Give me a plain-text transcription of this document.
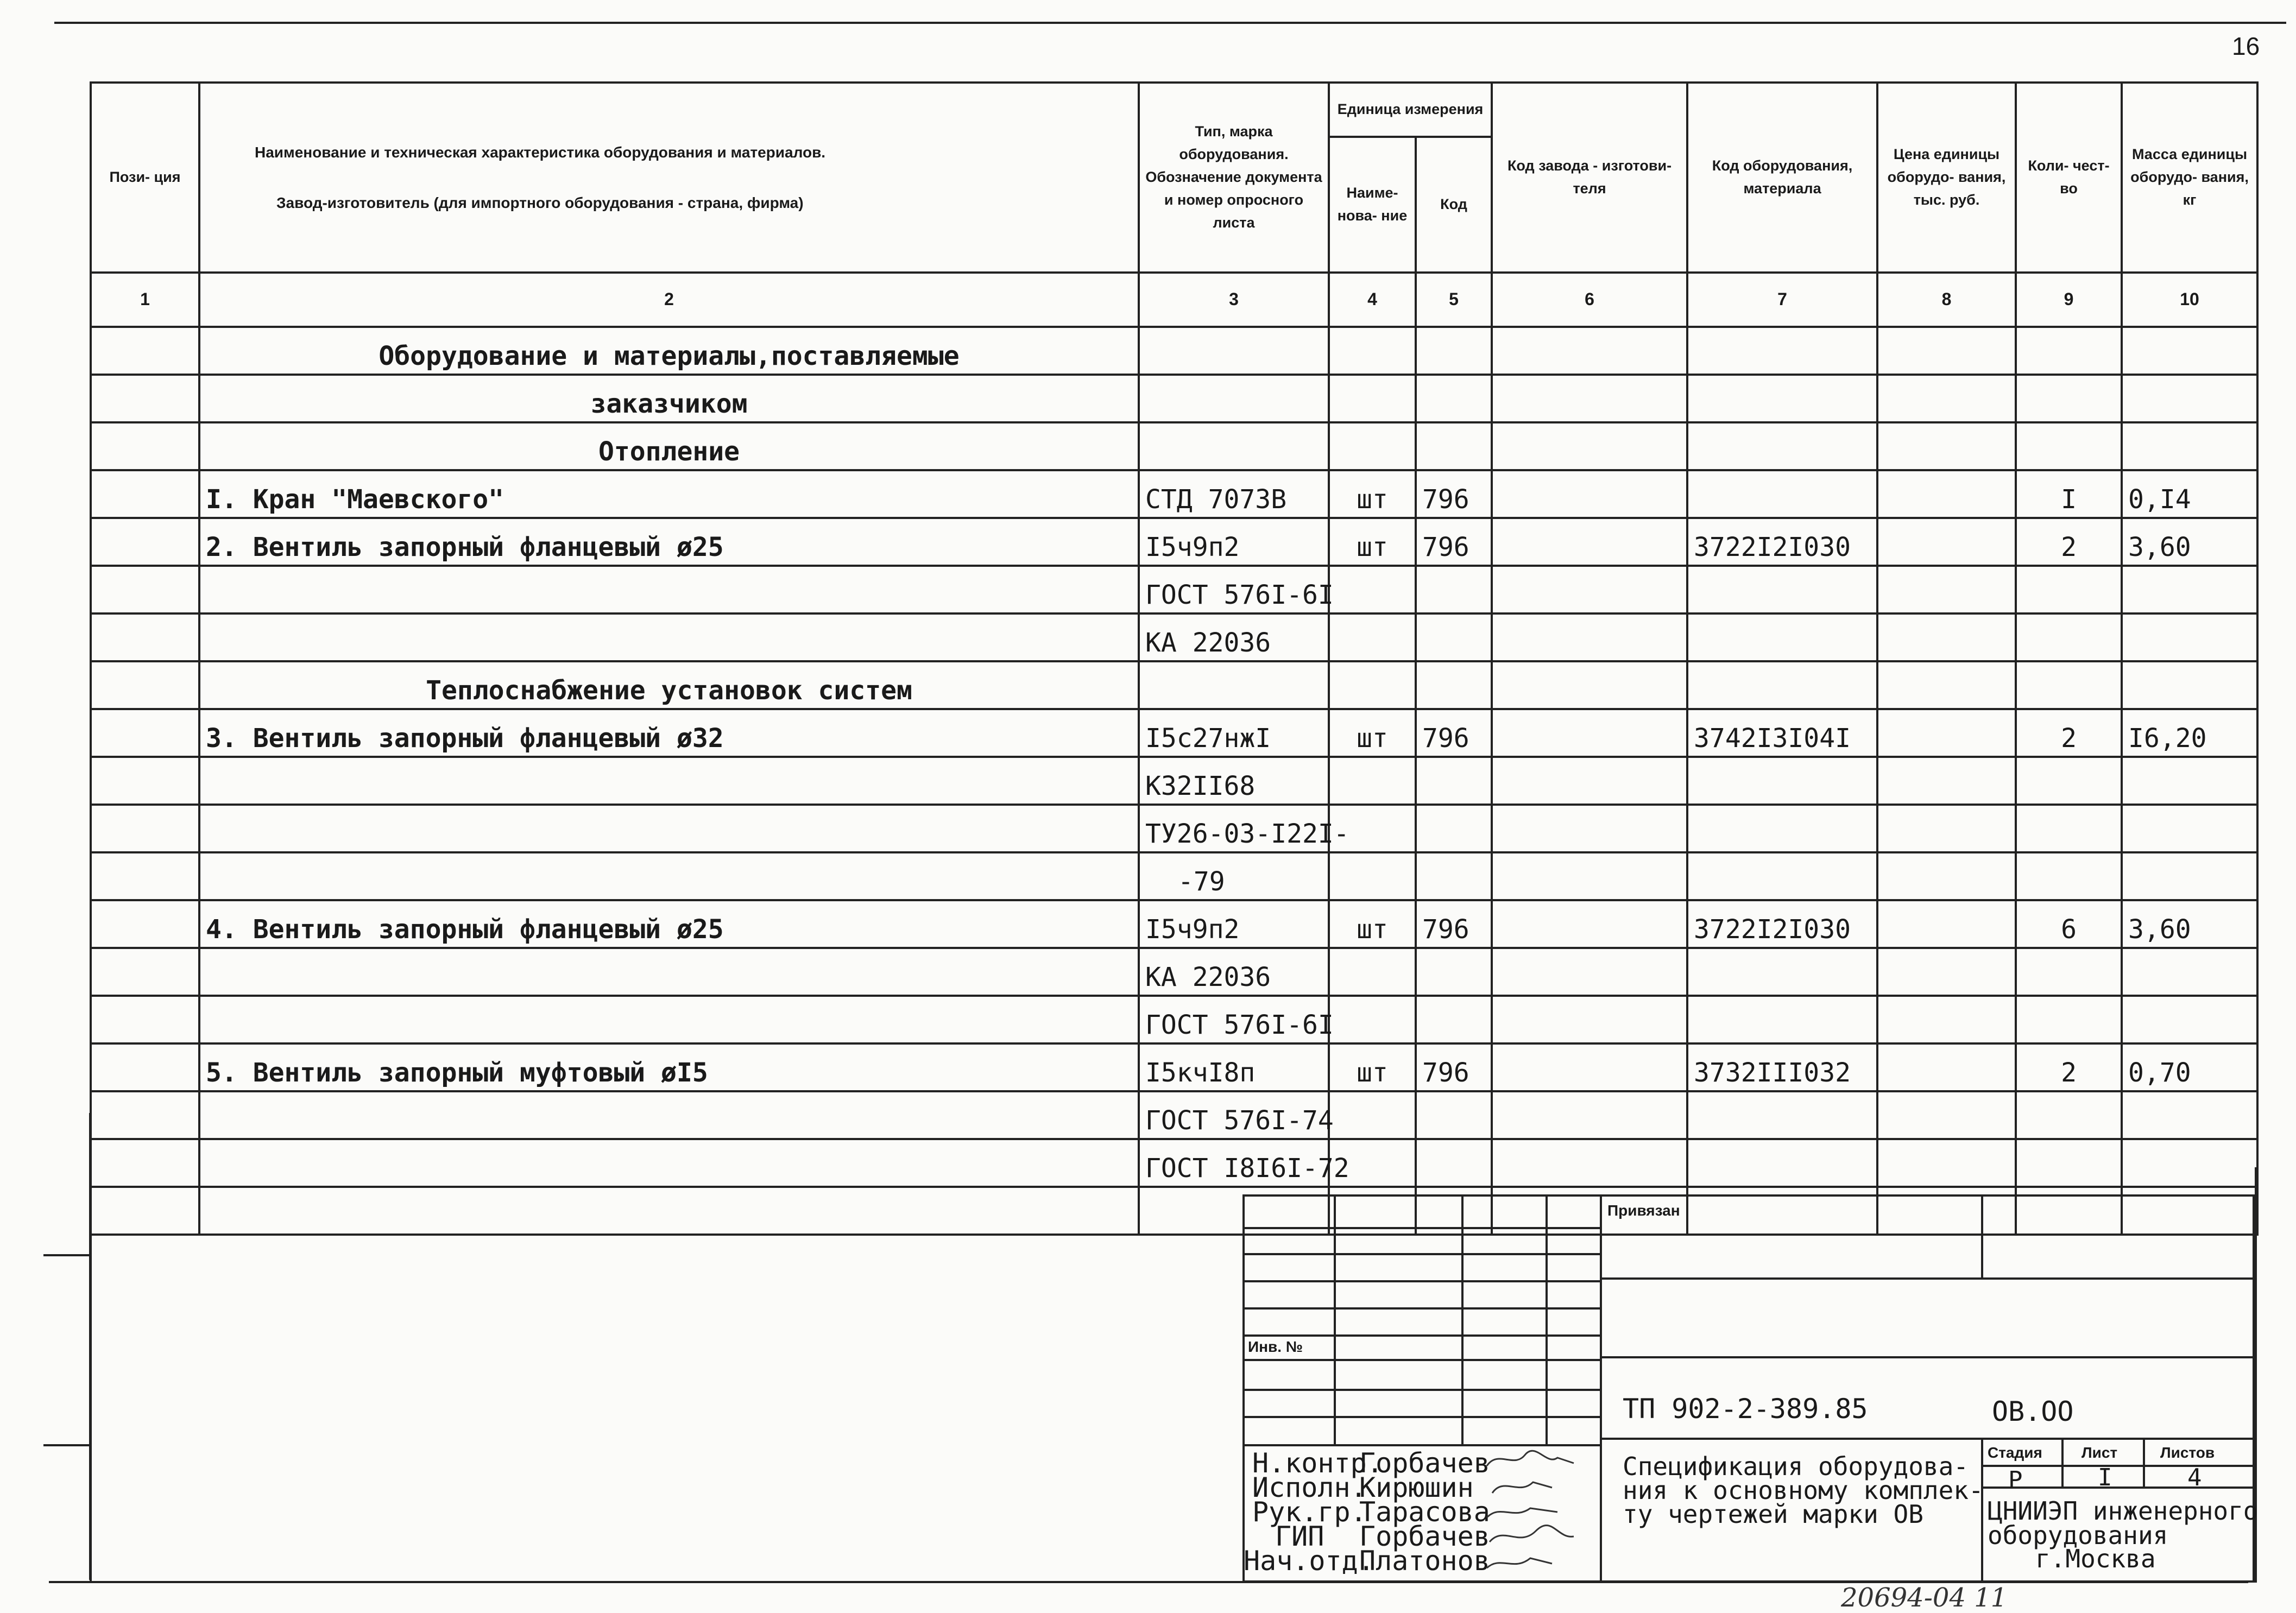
16
Пози- ция	Наименование и техническая характеристика оборудования и материалов.
Завод-изготовитель (для импортного оборудования - страна, фирма)	Тип, марка оборудования. Обозначение документа и номер опросного листа	Единица измерения		Код завода - изготови- теля	Код оборудования, материала	Цена единицы оборудо- вания, тыс. руб.	Коли- чест- во	Масса единицы оборудо- вания, кг
			Наиме- нова- ние	Код					
1	2	3	4	5	6	7	8	9	10
	Оборудование и материалы,поставляемые								
	заказчиком								
	Отопление								
	I. Кран "Маевского"	СТД 7073В	шт	796				I	0,I4
	2. Вентиль запорный фланцевый ø25	I5ч9п2	шт	796		3722I2I030		2	3,60
		ГОСТ 576I-6I							
		КА 22036							
	Теплоснабжение установок систем								
	3. Вентиль запорный фланцевый ø32	I5с27нжI	шт	796		3742I3I04I		2	I6,20
		К32II68							
		ТУ26-03-I22I-							
		-79							
	4. Вентиль запорный фланцевый ø25	I5ч9п2	шт	796		3722I2I030		6	3,60
		КА 22036							
		ГОСТ 576I-6I							
	5. Вентиль запорный муфтовый øI5	I5кчI8п	шт	796		3732III032		2	0,70
		ГОСТ 576I-74							
		ГОСТ I8I6I-72							

Привязан
Инв. №
ТП 902-2-389.85	ОВ.ОО
Стадия	Лист	Листов
Р	I	4
Спецификация оборудова-
ния к основному комплек-
ту чертежей марки ОВ	ЦНИИЭП инженерного
оборудования
г.Москва
Н.контр.
Горбачев
Исполн.
Кирюшин
Рук.гр.
Тарасова
ГИП Горбачев
Нач.отд.
Платонов
20694-04 11
